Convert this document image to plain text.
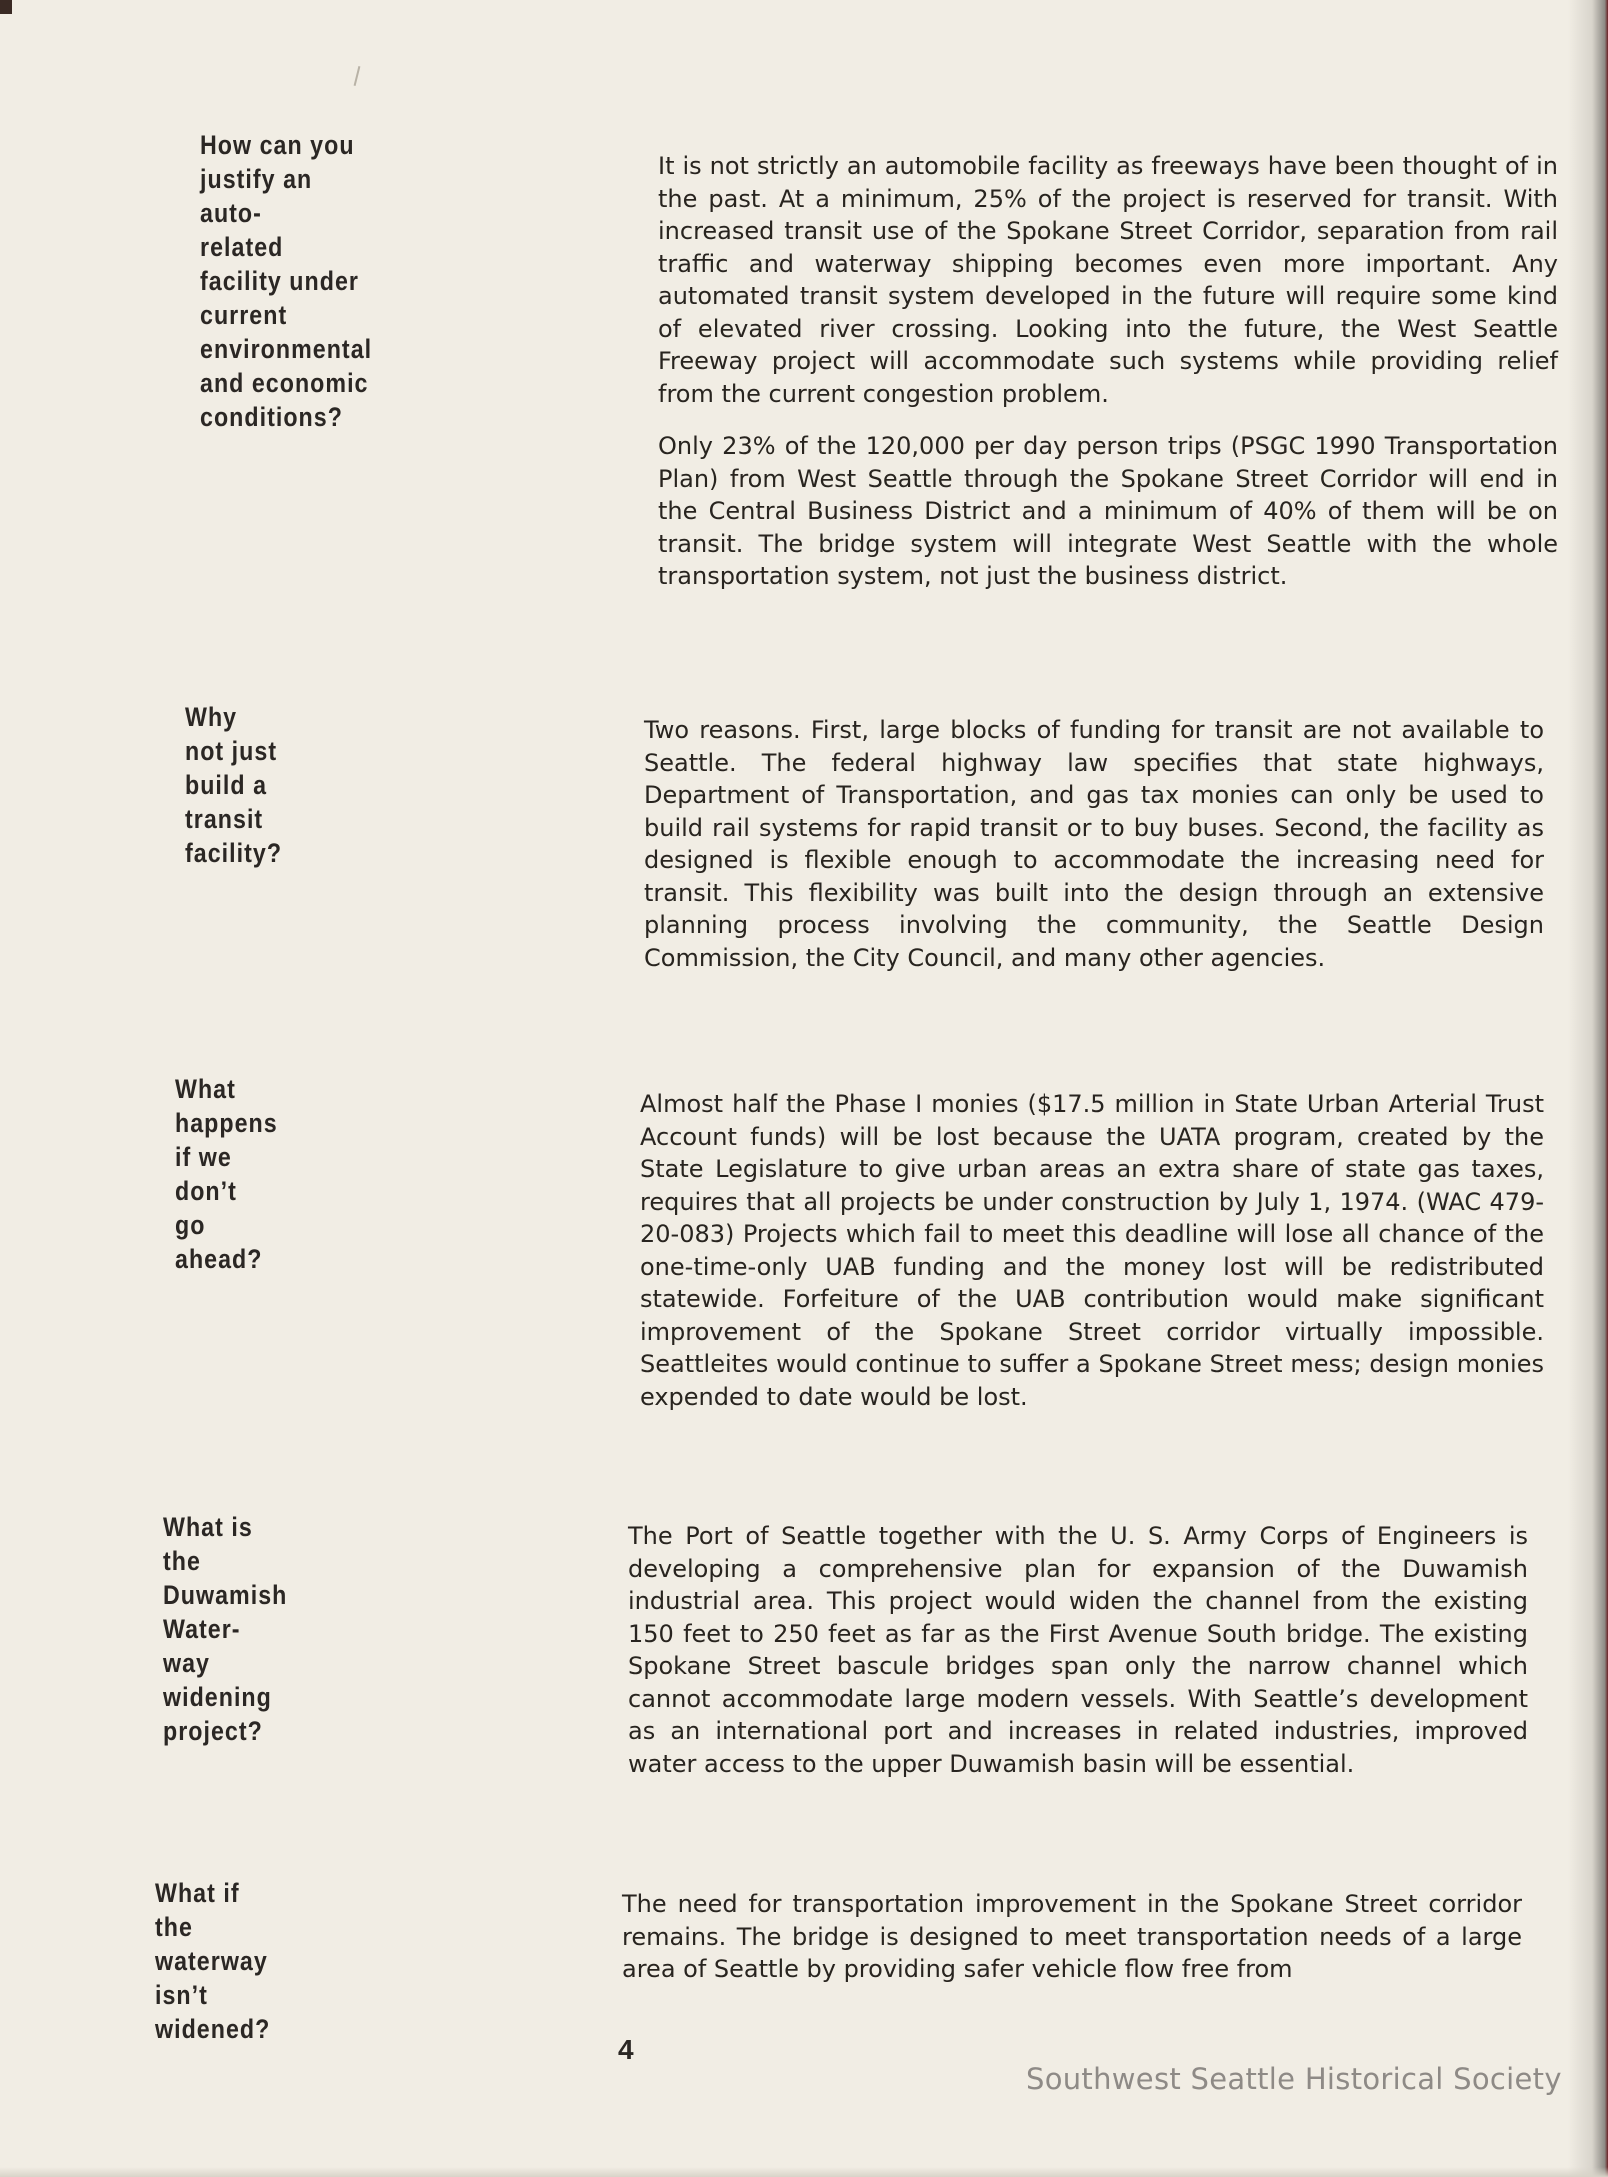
How can you justify an auto-
related facility under current
environmental and economic
conditions?

It is not strictly an automobile facility as freeways have been thought of in the past. At a minimum, 25% of the project is reserved for transit. With increased transit use of the Spokane Street Corridor, separation from rail traffic and waterway shipping becomes even more important. Any automated transit system developed in the future will require some kind of elevated river crossing. Looking into the future, the West Seattle Freeway project will accommodate such systems while providing relief from the current congestion problem.

Only 23% of the 120,000 per day person trips (PSGC 1990 Transportation Plan) from West Seattle through the Spokane Street Corridor will end in the Central Business District and a minimum of 40% of them will be on transit. The bridge system will integrate West Seattle with the whole transportation system, not just the business district.

Why not just build a transit
facility?

Two reasons. First, large blocks of funding for transit are not available to Seattle. The federal highway law specifies that state highways, Department of Transportation, and gas tax monies can only be used to build rail systems for rapid transit or to buy buses. Second, the facility as designed is flexible enough to accommodate the increasing need for transit. This flexibility was built into the design through an extensive planning process involving the community, the Seattle Design Commission, the City Council, and many other agencies.

What happens if we don’t
go ahead?

Almost half the Phase I monies ($17.5 million in State Urban Arterial Trust Account funds) will be lost because the UATA program, created by the State Legislature to give urban areas an extra share of state gas taxes, requires that all projects be under construction by July 1, 1974. (WAC 479-20-083) Projects which fail to meet this deadline will lose all chance of the one-time-only UAB funding and the money lost will be redistributed statewide. Forfeiture of the UAB contribution would make significant improvement of the Spokane Street corridor virtually impossible. Seattleites would continue to suffer a Spokane Street mess; design monies expended to date would be lost.

What is the Duwamish Water-
way widening project?

The Port of Seattle together with the U. S. Army Corps of Engineers is developing a comprehensive plan for expansion of the Duwamish industrial area. This project would widen the channel from the existing 150 feet to 250 feet as far as the First Avenue South bridge. The existing Spokane Street bascule bridges span only the narrow channel which cannot accommodate large modern vessels. With Seattle’s development as an international port and increases in related industries, improved water access to the upper Duwamish basin will be essential.

What if the waterway
isn’t widened?

The need for transportation improvement in the Spokane Street corridor remains. The bridge is designed to meet transportation needs of a large area of Seattle by providing safer vehicle flow free from

4
Southwest Seattle Historical Society
